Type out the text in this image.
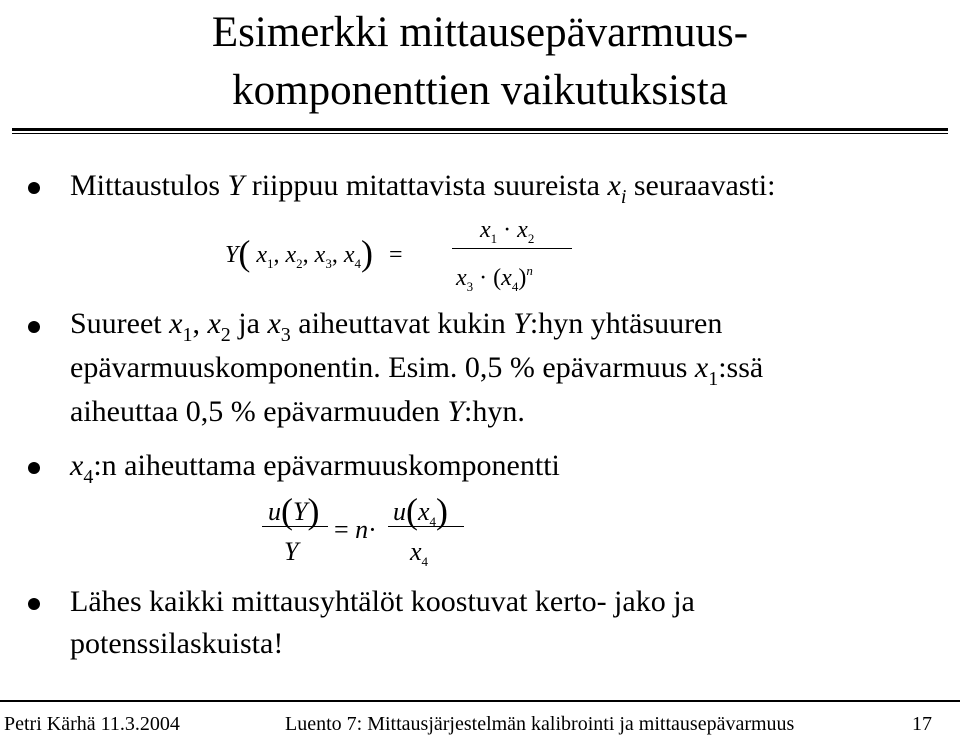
Esimerkki mittausepävarmuus-
komponenttien vaikutuksista
Mittaustulos Y riippuu mitattavista suureista $x_i$ seuraavasti:
Y( $x_1$, $x_2$, $x_3$, $x_4$) =
$x_1 \cdot x_2$
$x_3 \cdot (x_4)^n$
Suureet $x_1$, $x_2$ ja $x_3$ aiheuttavat kukin Y:hyn yhtäsuuren
epävarmuuskomponentin. Esim. 0,5 % epävarmuus $x_1:ssä$
aiheuttaa 0,5 % epävarmuuden Y:hyn.
$x_4:n$ aiheuttama epävarmuuskomponentti
u(Y)
Y
= n·
$u(x_4)$
$x_4$
Lähes kaikki mittausyhtälöt koostuvat kerto- jako ja
potenssilaskuista!
Petri Kärhä 11.3.2004	Luento 7: Mittausjärjestelmän kalibrointi ja mittausepävarmuus	17
